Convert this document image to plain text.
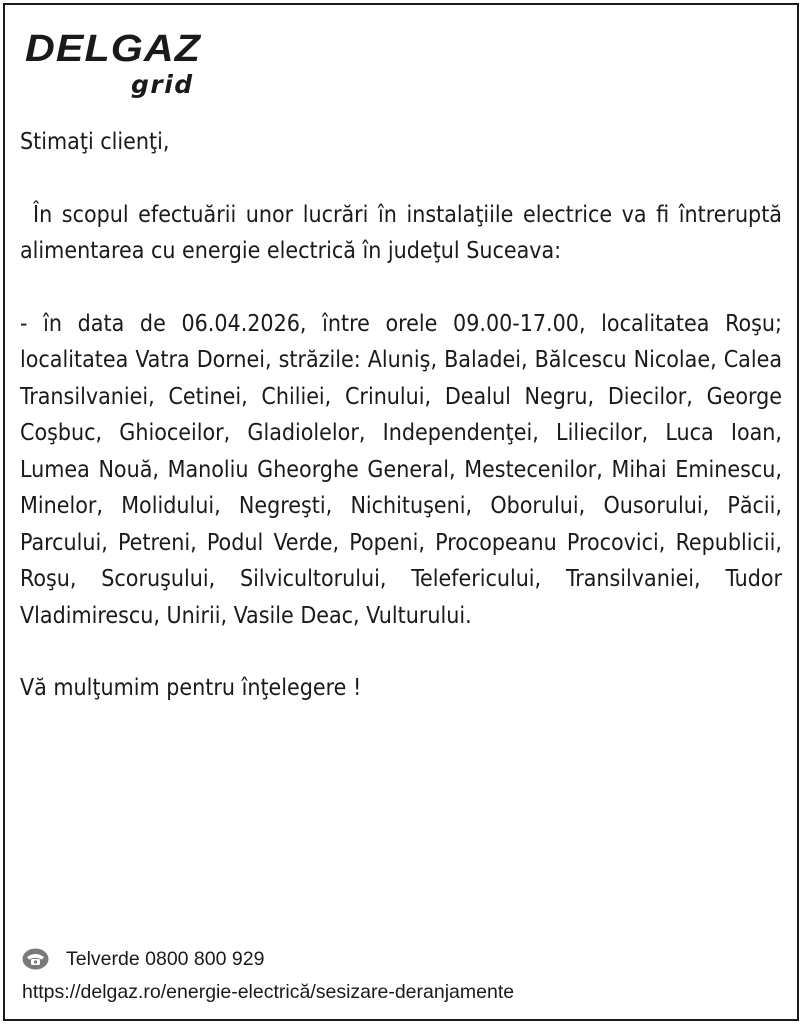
DELGAZ
grid

Stimaţi clienţi,

În scopul efectuării unor lucrări în instalaţiile electrice va fi întreruptă alimentarea cu energie electrică în judeţul Suceava:

- în data de 06.04.2026, între orele 09.00-17.00, localitatea Roşu; localitatea Vatra Dornei, străzile: Aluniş, Baladei, Bălcescu Nicolae, Calea Transilvaniei, Cetinei, Chiliei, Crinului, Dealul Negru, Diecilor, George Coşbuc, Ghioceilor, Gladiolelor, Independenţei, Liliecilor, Luca Ioan, Lumea Nouă, Manoliu Gheorghe General, Mestecenilor, Mihai Eminescu, Minelor, Molidului, Negreşti, Nichituşeni, Oborului, Ousorului, Păcii, Parcului, Petreni, Podul Verde, Popeni, Procopeanu Procovici, Republicii, Roşu, Scoruşului, Silvicultorului, Telefericului, Transilvaniei, Tudor Vladimirescu, Unirii, Vasile Deac, Vulturului.

Vă mulţumim pentru înţelegere !

Telverde 0800 800 929
https://delgaz.ro/energie-electrică/sesizare-deranjamente
